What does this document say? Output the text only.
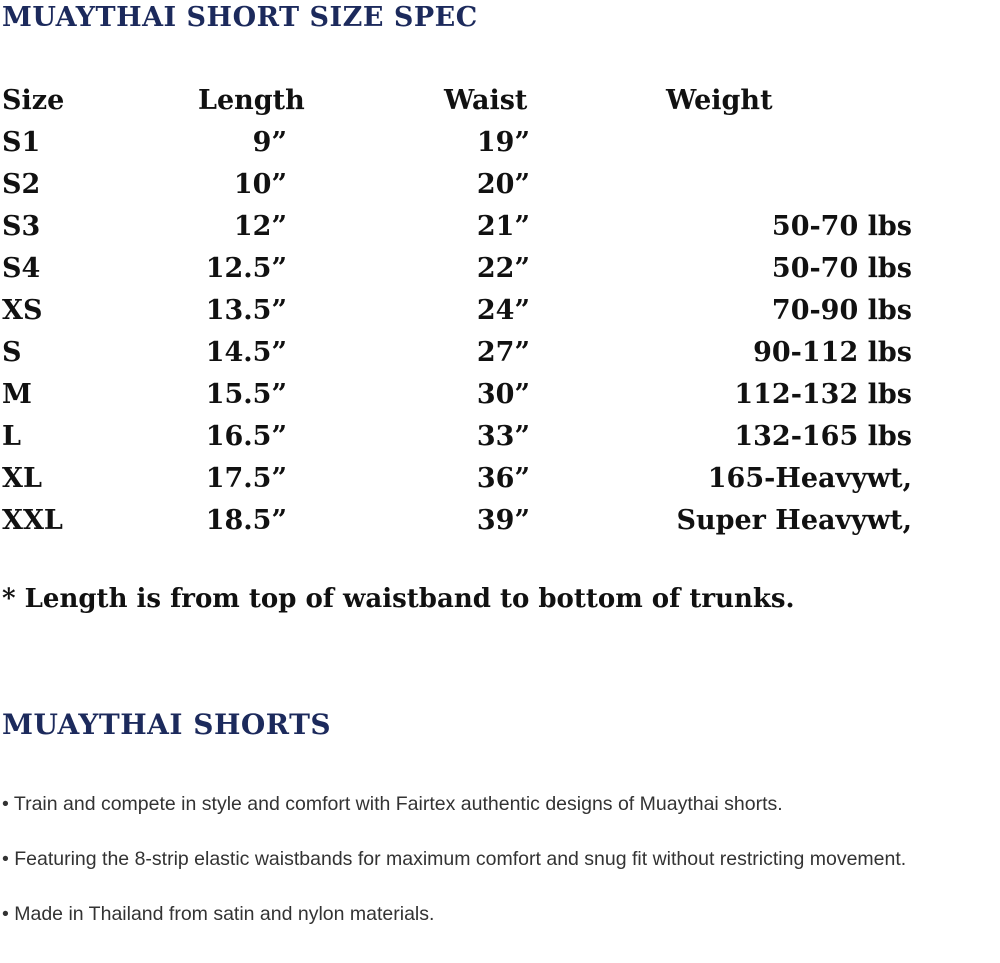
MUAYTHAI SHORT SIZE SPEC
Size	Length	Waist	Weight
S1	9”	19”
S2	10”	20”
S3	12”	21”	50-70 lbs
S4	12.5”	22”	50-70 lbs
XS	13.5”	24”	70-90 lbs
S	14.5”	27”	90-112 lbs
M	15.5”	30”	112-132 lbs
L	16.5”	33”	132-165 lbs
XL	17.5”	36”	165-Heavywt,
XXL	18.5”	39”	Super Heavywt,

* Length is from top of waistband to bottom of trunks.

MUAYTHAI SHORTS
• Train and compete in style and comfort with Fairtex authentic designs of Muaythai shorts.
• Featuring the 8-strip elastic waistbands for maximum comfort and snug fit without restricting movement.
• Made in Thailand from satin and nylon materials.
